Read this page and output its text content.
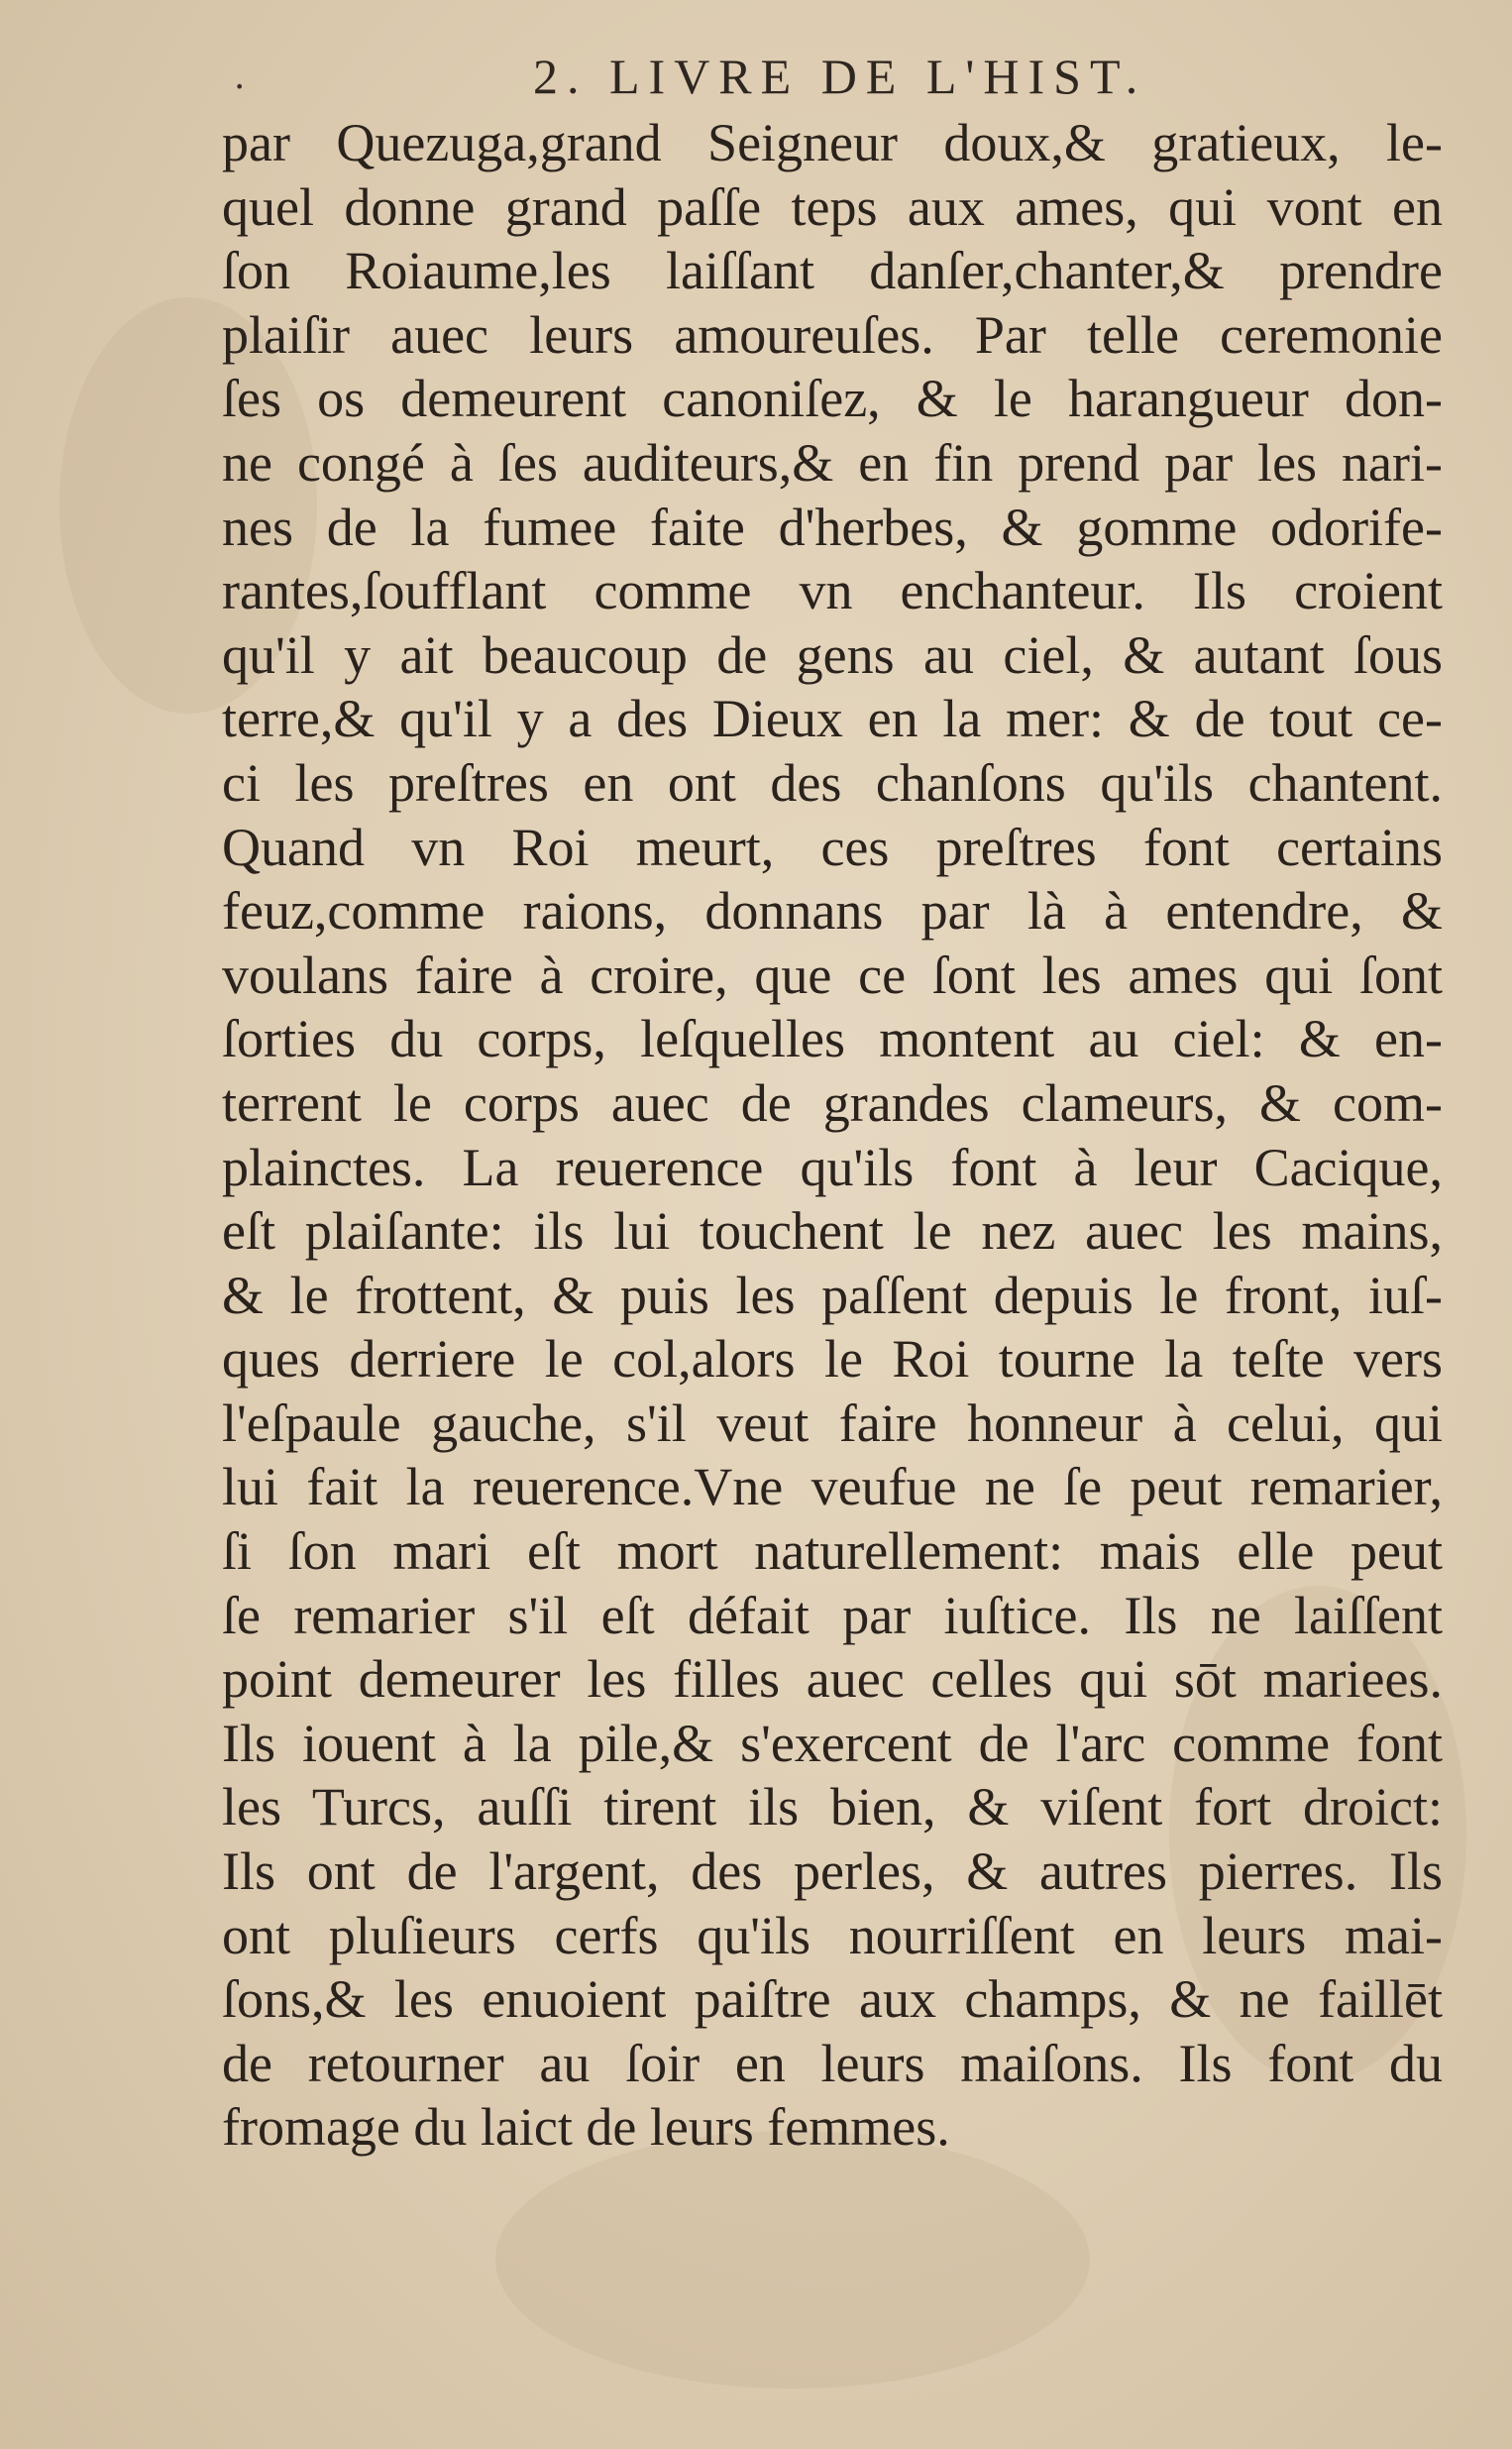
·	2. LIVRE DE L'HIST.
par Quezuga,grand Seigneur doux,& gratieux, le-
quel donne grand paſſe teps aux ames, qui vont en
ſon Roiaume,les laiſſant danſer,chanter,& prendre
plaiſir auec leurs amoureuſes. Par telle ceremonie
ſes os demeurent canoniſez, & le harangueur don-
ne congé à ſes auditeurs,& en fin prend par les nari-
nes de la fumee faite d'herbes, & gomme odorife-
rantes,ſoufflant comme vn enchanteur. Ils croient
qu'il y ait beaucoup de gens au ciel, & autant ſous
terre,& qu'il y a des Dieux en la mer: & de tout ce-
ci les preſtres en ont des chanſons qu'ils chantent.
Quand vn Roi meurt, ces preſtres font certains
feuz,comme raions, donnans par là à entendre, &
voulans faire à croire, que ce ſont les ames qui ſont
ſorties du corps, leſquelles montent au ciel: & en-
terrent le corps auec de grandes clameurs, & com-
plainctes. La reuerence qu'ils font à leur Cacique,
eſt plaiſante: ils lui touchent le nez auec les mains,
& le frottent, & puis les paſſent depuis le front, iuſ-
ques derriere le col,alors le Roi tourne la teſte vers
l'eſpaule gauche, s'il veut faire honneur à celui, qui
lui fait la reuerence.Vne veufue ne ſe peut remarier,
ſi ſon mari eſt mort naturellement: mais elle peut
ſe remarier s'il eſt défait par iuſtice. Ils ne laiſſent
point demeurer les filles auec celles qui sōt mariees.
Ils iouent à la pile,& s'exercent de l'arc comme font
les Turcs, auſſi tirent ils bien, & viſent fort droict:
Ils ont de l'argent, des perles, & autres pierres. Ils
ont pluſieurs cerfs qu'ils nourriſſent en leurs mai-
ſons,& les enuoient paiſtre aux champs, & ne faillēt
de retourner au ſoir en leurs maiſons. Ils font du
fromage du laict de leurs femmes.
